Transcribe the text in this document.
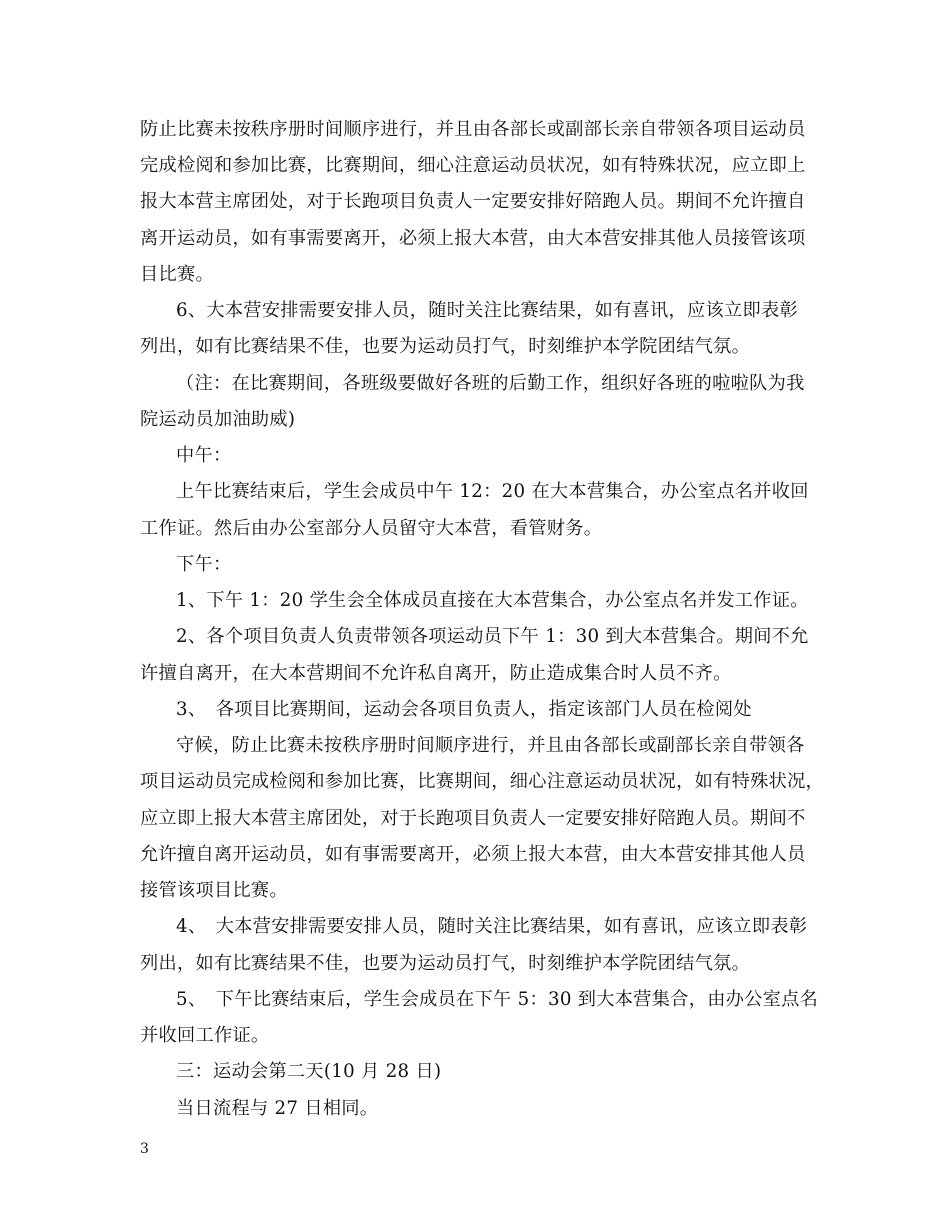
防止比赛未按秩序册时间顺序进行，并且由各部长或副部长亲自带领各项目运动员
完成检阅和参加比赛，比赛期间，细心注意运动员状况，如有特殊状况，应立即上
报大本营主席团处，对于长跑项目负责人一定要安排好陪跑人员。期间不允许擅自
离开运动员，如有事需要离开，必须上报大本营，由大本营安排其他人员接管该项
目比赛。
6、大本营安排需要安排人员，随时关注比赛结果，如有喜讯，应该立即表彰
列出，如有比赛结果不佳，也要为运动员打气，时刻维护本学院团结气氛。
（注：在比赛期间，各班级要做好各班的后勤工作，组织好各班的啦啦队为我
院运动员加油助威)
中午：
上午比赛结束后，学生会成员中午 12：20 在大本营集合，办公室点名并收回
工作证。然后由办公室部分人员留守大本营，看管财务。
下午：
1、下午 1：20 学生会全体成员直接在大本营集合，办公室点名并发工作证。
2、各个项目负责人负责带领各项运动员下午 1：30 到大本营集合。期间不允
许擅自离开，在大本营期间不允许私自离开，防止造成集合时人员不齐。
3、　各项目比赛期间，运动会各项目负责人，指定该部门人员在检阅处
守候，防止比赛未按秩序册时间顺序进行，并且由各部长或副部长亲自带领各
项目运动员完成检阅和参加比赛，比赛期间，细心注意运动员状况，如有特殊状况，
应立即上报大本营主席团处，对于长跑项目负责人一定要安排好陪跑人员。期间不
允许擅自离开运动员，如有事需要离开，必须上报大本营，由大本营安排其他人员
接管该项目比赛。
4、　大本营安排需要安排人员，随时关注比赛结果，如有喜讯，应该立即表彰
列出，如有比赛结果不佳，也要为运动员打气，时刻维护本学院团结气氛。
5、　下午比赛结束后，学生会成员在下午 5：30 到大本营集合，由办公室点名
并收回工作证。
三：运动会第二天(10 月 28 日)
当日流程与 27 日相同。
3
